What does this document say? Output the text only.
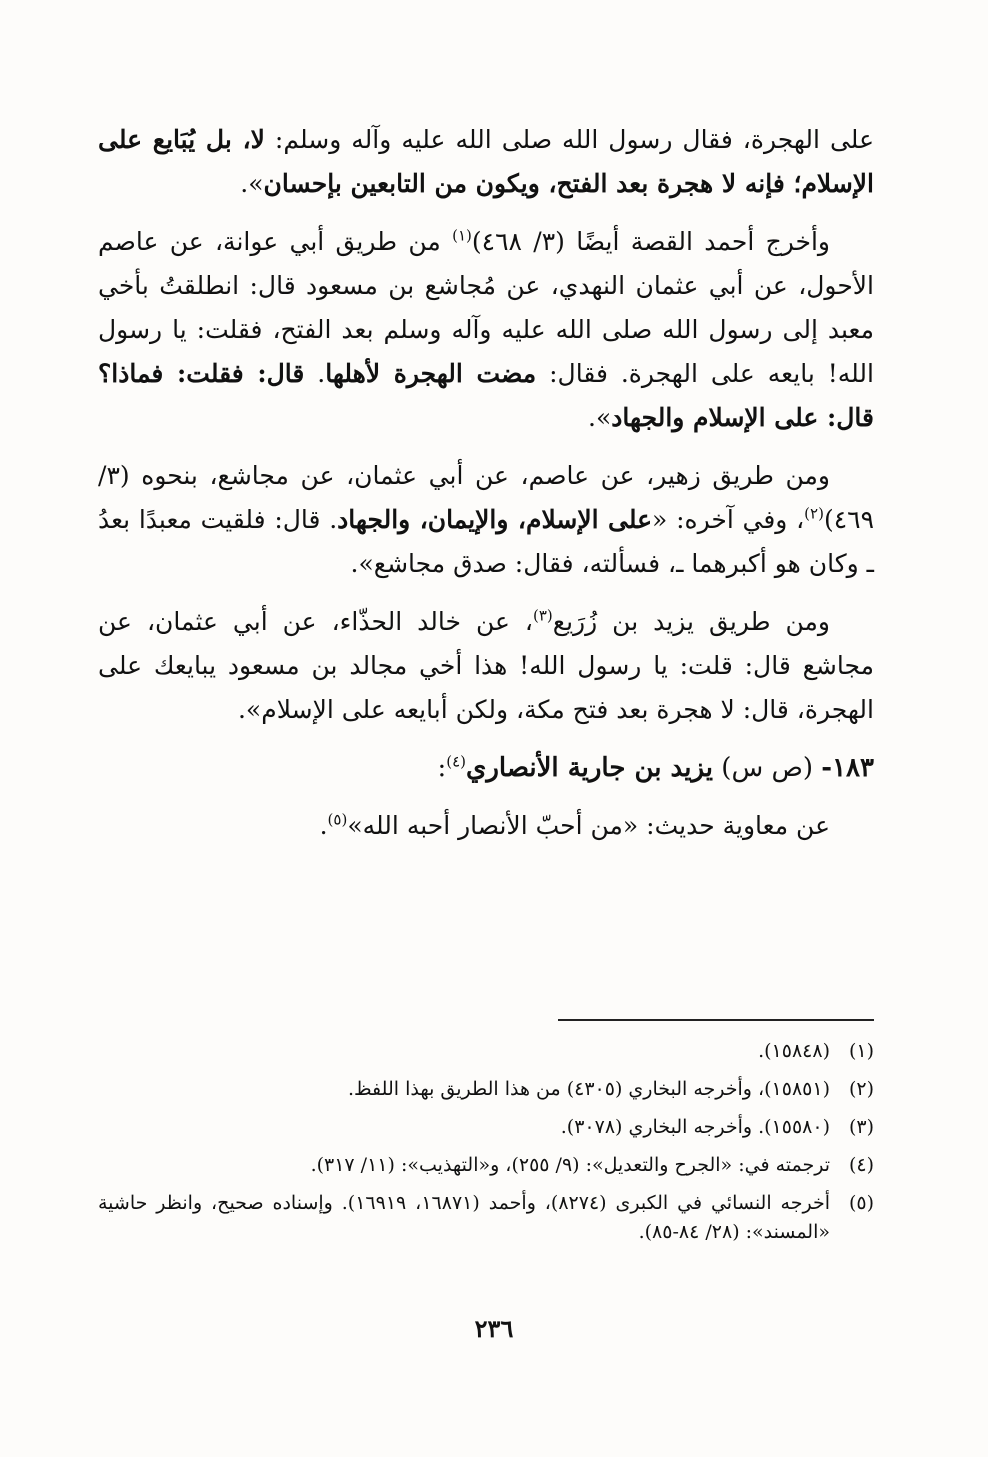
على الهجرة، فقال رسول الله صلى الله عليه وآله وسلم: لا، بل يُبَايع على الإسلام؛ فإنه لا هجرة بعد الفتح، ويكون من التابعين بإحسان».

وأخرج أحمد القصة أيضًا (٣/ ٤٦٨)$^{(١)}$ من طريق أبي عوانة، عن عاصم الأحول، عن أبي عثمان النهدي، عن مُجاشع بن مسعود قال: انطلقتُ بأخي معبد إلى رسول الله صلى الله عليه وآله وسلم بعد الفتح، فقلت: يا رسول الله! بايعه على الهجرة. فقال: مضت الهجرة لأهلها. قال: فقلت: فماذا؟ قال: على الإسلام والجهاد».

ومن طريق زهير، عن عاصم، عن أبي عثمان، عن مجاشع، بنحوه (٣/ ٤٦٩)$^{(٢)}$، وفي آخره: «على الإسلام، والإيمان، والجهاد. قال: فلقيت معبدًا بعدُ ـ وكان هو أكبرهما ـ، فسألته، فقال: صدق مجاشع».

ومن طريق يزيد بن زُرَيع$^{(٣)}$، عن خالد الحذّاء، عن أبي عثمان، عن مجاشع قال: قلت: يا رسول الله! هذا أخي مجالد بن مسعود يبايعك على الهجرة، قال: لا هجرة بعد فتح مكة، ولكن أبايعه على الإسلام».

١٨٣- (ص س) يزيد بن جارية الأنصاري$^{(٤)}$:

عن معاوية حديث: «من أحبّ الأنصار أحبه الله»$^{(٥)}$.

(١)
(١٥٨٤٨).
(٢)
(١٥٨٥١)، وأخرجه البخاري (٤٣٠٥) من هذا الطريق بهذا اللفظ.
(٣)
(١٥٥٨٠). وأخرجه البخاري (٣٠٧٨).
(٤)
ترجمته في: «الجرح والتعديل»: (٩/ ٢٥٥)، و«التهذيب»: (١١/ ٣١٧).
(٥)
أخرجه النسائي في الكبرى (٨٢٧٤)، وأحمد (١٦٨٧١، ١٦٩١٩). وإسناده صحيح، وانظر حاشية «المسند»: (٢٨/ ٨٤-٨٥).
٢٣٦
